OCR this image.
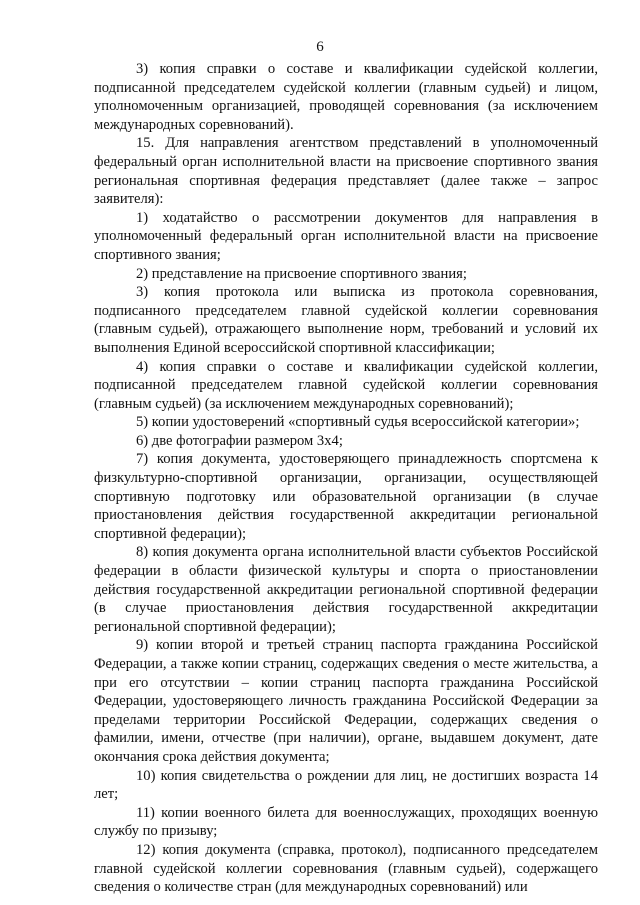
6

3) копия справки о составе и квалификации судейской коллегии, подписанной председателем судейской коллегии (главным судьей) и лицом, уполномоченным организацией, проводящей соревнования (за исключением международных соревнований).

15. Для направления агентством представлений в уполномоченный федеральный орган исполнительной власти на присвоение спортивного звания региональная спортивная федерация представляет (далее также – запрос заявителя):

1) ходатайство о рассмотрении документов для направления в уполномоченный федеральный орган исполнительной власти на присвоение спортивного звания;

2) представление на присвоение спортивного звания;

3) копия протокола или выписка из протокола соревнования, подписанного председателем главной судейской коллегии соревнования (главным судьей), отражающего выполнение норм, требований и условий их выполнения Единой всероссийской спортивной классификации;

4) копия справки о составе и квалификации судейской коллегии, подписанной председателем главной судейской коллегии соревнования (главным судьей) (за исключением международных соревнований);

5) копии удостоверений «спортивный судья всероссийской категории»;

6) две фотографии размером 3х4;

7) копия документа, удостоверяющего принадлежность спортсмена к физкультурно-спортивной организации, организации, осуществляющей спортивную подготовку или образовательной организации (в случае приостановления действия государственной аккредитации региональной спортивной федерации);

8) копия документа органа исполнительной власти субъектов Российской федерации в области физической культуры и спорта о приостановлении действия государственной аккредитации региональной спортивной федерации (в случае приостановления действия государственной аккредитации региональной спортивной федерации);

9) копии второй и третьей страниц паспорта гражданина Российской Федерации, а также копии страниц, содержащих сведения о месте жительства, а при его отсутствии – копии страниц паспорта гражданина Российской Федерации, удостоверяющего личность гражданина Российской Федерации за пределами территории Российской Федерации, содержащих сведения о фамилии, имени, отчестве (при наличии), органе, выдавшем документ, дате окончания срока действия документа;

10) копия свидетельства о рождении для лиц, не достигших возраста 14 лет;

11) копии военного билета для военнослужащих, проходящих военную службу по призыву;

12) копия документа (справка, протокол), подписанного председателем главной судейской коллегии соревнования (главным судьей), содержащего сведения о количестве стран (для международных соревнований) или
